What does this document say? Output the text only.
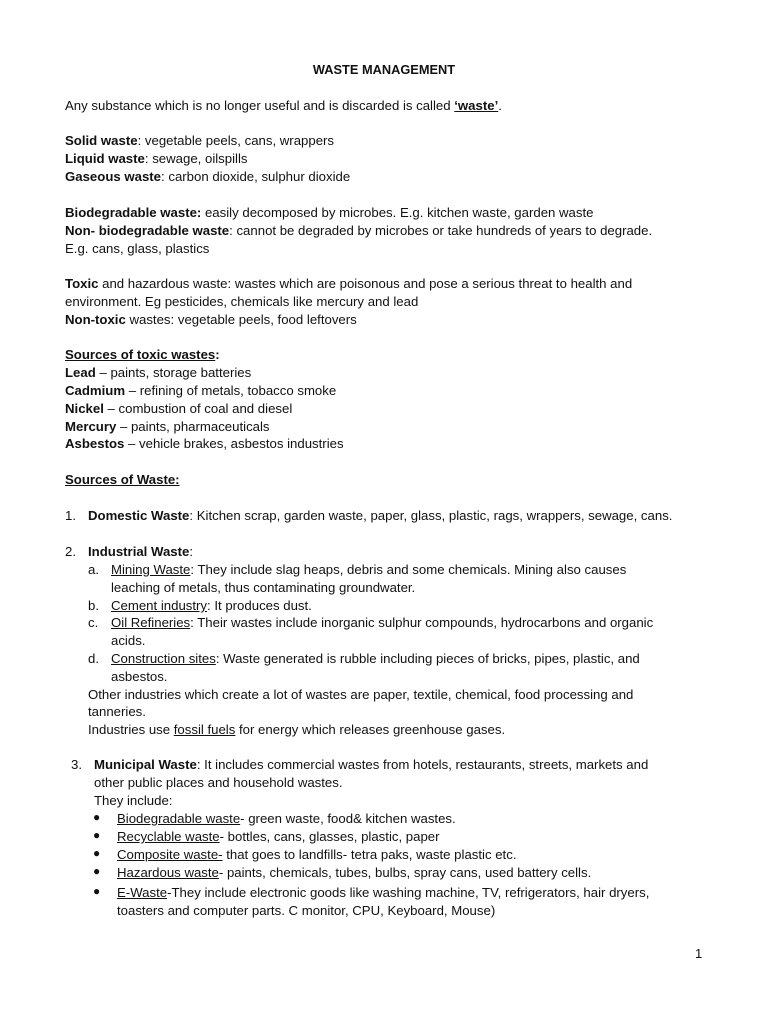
WASTE MANAGEMENT
Any substance which is no longer useful and is discarded is called ‘waste’.
Solid waste: vegetable peels, cans, wrappers
Liquid waste: sewage, oilspills
Gaseous waste: carbon dioxide, sulphur dioxide
Biodegradable waste: easily decomposed by microbes. E.g. kitchen waste, garden waste
Non- biodegradable waste: cannot be degraded by microbes or take hundreds of years to degrade.
E.g. cans, glass, plastics
Toxic and hazardous waste: wastes which are poisonous and pose a serious threat to health and
environment. Eg pesticides, chemicals like mercury and lead
Non-toxic wastes: vegetable peels, food leftovers
Sources of toxic wastes:
Lead – paints, storage batteries
Cadmium – refining of metals, tobacco smoke
Nickel – combustion of coal and diesel
Mercury – paints, pharmaceuticals
Asbestos – vehicle brakes, asbestos industries
Sources of Waste:
1. Domestic Waste: Kitchen scrap, garden waste, paper, glass, plastic, rags, wrappers, sewage, cans.
2. Industrial Waste:
a. Mining Waste: They include slag heaps, debris and some chemicals. Mining also causes
leaching of metals, thus contaminating groundwater.
b. Cement industry: It produces dust.
c. Oil Refineries: Their wastes include inorganic sulphur compounds, hydrocarbons and organic
acids.
d. Construction sites: Waste generated is rubble including pieces of bricks, pipes, plastic, and
asbestos.
Other industries which create a lot of wastes are paper, textile, chemical, food processing and
tanneries.
Industries use fossil fuels for energy which releases greenhouse gases.
3. Municipal Waste: It includes commercial wastes from hotels, restaurants, streets, markets and
other public places and household wastes.
They include:
● Biodegradable waste- green waste, food& kitchen wastes.
● Recyclable waste- bottles, cans, glasses, plastic, paper
● Composite waste- that goes to landfills- tetra paks, waste plastic etc.
● Hazardous waste- paints, chemicals, tubes, bulbs, spray cans, used battery cells.
● E-Waste-They include electronic goods like washing machine, TV, refrigerators, hair dryers,
toasters and computer parts. C monitor, CPU, Keyboard, Mouse)
1
